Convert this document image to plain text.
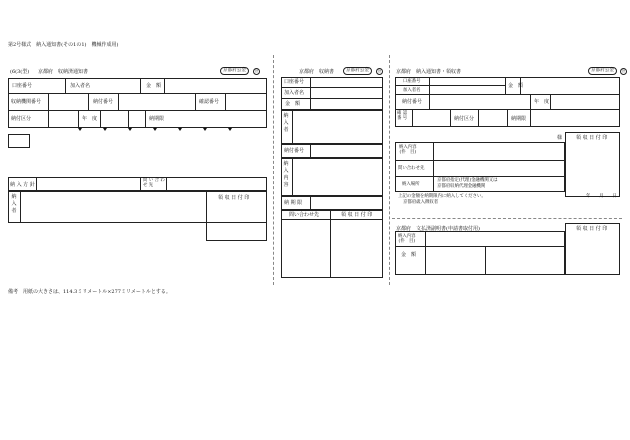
第2号様式　納入通知書(その1の1)　機械作成用)
(6(3(型) 京都府　収納済通知書	京都府公金	⑲
口座番号	加入者名	金　額
収納機関番号	納付番号	確認番号
納付区分	年　度	納期限
納 入 方 針
問 い 合 わ せ 先
納入者
領 収 日 付 印
京都府　収納書	京都府公金	⑲
口座番号
加入者名
金　額
納入者
納付番号
納入内容
納 期 限
問い合わせ先	領 収 日 付 印
京都府　納入通知書・領収書	京都府公金	⑲
口座番号
加入者名
金　額
納付番号	年　度
確 認 番 号	納付区分	納期限
様	領 収 日 付 印
納入内容
(件　目)
問い合わせ先
納入場所
京都府指定(代理)金融機関又は
京都府収納代理金融機関
上記の金額を納期限内に納入してください。	年　　月　　日
京都府歳入徴収者
京都府　文払済副明書(申請書取付用)	領 収 日 付 印
納入内容
(件　目)
金　額
備考　用紙の大きさは、114.3ミリメートル×277ミリメートルとする。
